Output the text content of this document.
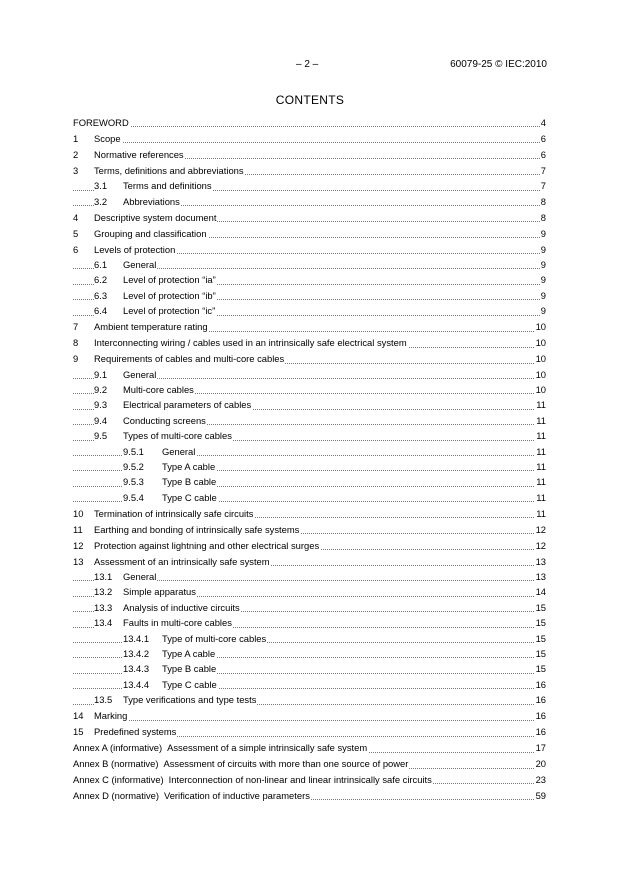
– 2 –	60079-25 © IEC:2010
CONTENTS
FOREWORD	4
1 Scope	6
2 Normative references	6
3 Terms, definitions and abbreviations	7
3.1 Terms and definitions	7
3.2 Abbreviations	8
4 Descriptive system document	8
5 Grouping and classification	9
6 Levels of protection	9
6.1 General	9
6.2 Level of protection “ia”	9
6.3 Level of protection “ib”	9
6.4 Level of protection “ic”	9
7 Ambient temperature rating	10
8 Interconnecting wiring / cables used in an intrinsically safe electrical system	10
9 Requirements of cables and multi-core cables	10
9.1 General	10
9.2 Multi-core cables	10
9.3 Electrical parameters of cables	11
9.4 Conducting screens	11
9.5 Types of multi-core cables	11
9.5.1 General	11
9.5.2 Type A cable	11
9.5.3 Type B cable	11
9.5.4 Type C cable	11
10 Termination of intrinsically safe circuits	11
11 Earthing and bonding of intrinsically safe systems	12
12 Protection against lightning and other electrical surges	12
13 Assessment of an intrinsically safe system	13
13.1 General	13
13.2 Simple apparatus	14
13.3 Analysis of inductive circuits	15
13.4 Faults in multi-core cables	15
13.4.1 Type of multi-core cables	15
13.4.2 Type A cable	15
13.4.3 Type B cable	15
13.4.4 Type C cable	16
13.5 Type verifications and type tests	16
14 Marking	16
15 Predefined systems	16
Annex A (informative) Assessment of a simple intrinsically safe system	17
Annex B (normative) Assessment of circuits with more than one source of power	20
Annex C (informative) Interconnection of non-linear and linear intrinsically safe circuits	23
Annex D (normative) Verification of inductive parameters	59
